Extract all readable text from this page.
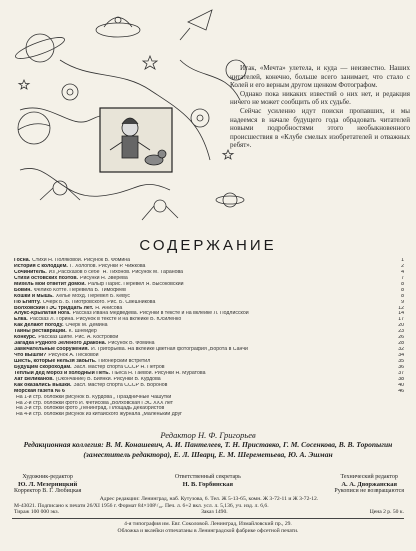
Итак, «Мечта» улетела, и куда — неизвестно. Наших читателей, конечно, больше всего занимает, что стало с Колей и его верным другом щенком Фотографом.

Однако пока никаких известий о них нет, и редакция ничего не может сообщить об их судьбе.

Сейчас усиленно идут поиски пропавших, и мы надеемся в начале будущего года обрадовать читателей новыми подробностями этого необыкновенного происшествия в «Клубе смелых изобретателей и отважных ребят».

СОДЕРЖАНИЕ
Госна. Стихи Н. Поляковой. Рисунок В. Фомина	1
История с колодцем. Г. Холопов. Рисунки Р. Чижкова	2
Сочинитель. Из „Рассказов о себе“ Н. Тихонов. Рисунок М. Таранова	4
Стихи остовских поэтов. Рисунки Н. Зверева	7
Михель мой ответит домой. Ральф Парис. Перевел Я. Высоковский	8
Бовин. Фелико Котте. Перевела Б. Тимофеев	8
Кошки и мышь. Хелье Мохд. Перевел Б. Кевус	8
По Египту. Очерк Б. Б. Пиотровского. Рис. Б. Свешникова	9
Волховский ГЭС тридцать лет. Н. Анисова	12
Алукс-Крылатая нога. Рассказ Ивана Медведева. Рисунки в тексте и на вклейке Л. Подлисской	14
Елка. Рассказ Л. Горина. Рисунок в тексте и на вклейке В. Юсиленко	17
Как делают погоду. Очерк М. Демина	20
Тайны реставрации. К. Шнейдер	23
Конкурс. Рассказ Шипе. Рис. А. Костровой	26
Загадка Рудного Зеленого Дракона. Рисунок В. Фомина	28
Замечательные сооружения. И. Григорьева. На вклейке цветная фотография „Ворота в Санчи“	32
Что вышли? Рисунок А. Песковой	34
Шесть, которые нельзя забыть. Пионерский встретил	35
Будущим скороходам. Засл. мастер спорта СССР Н. Петров	36
Теплый дед Мороз и холодный Петь. Пьеса Н. Гаевой. Рисунки Н. Муратова	37
Хат Великанов. (Окончание) В. Биянки. Рисунки В. Курдова	38
Как оказались вышки. Засл. мастер спорта СССР В. Воронов	40
Морская газета № 6	46
На 1-й стр. обложки рисунок В. Курдова „ Праздничные Чашутки“
На 2-й стр. обложки фото И. Фетисова „Волховская ГЭС XXX лет“
На 3-й стр. обложки фото „Ленинград. Площадь Декабристов“
На 4-й стр. обложки рисунок из китайского журнала „Маленький друг“
Редактор Н. Ф. Григорьев
Редакционная коллегия: В. М. Конашевич, А. И. Пантелеев, Т. Н. Приставко, Г. М. Сосенкова, В. В. Торопыгин (заместитель редактора), Е. Л. Шварц, Е. М. Шереметьева, Ю. А. Эшман
Художник-редактор
Ю. Л. Мезерницкий
Корректор В. Г. Любицкая
Ответственный секретарь
Н. В. Горбинская
Технический редактор
А. А. Дворжанская
Рукописи не возвращаются
Адрес редакции: Ленинград, наб. Кутузова, 6. Тел. Ж 5-13-65, комн. Ж 3-72-11 и Ж 3-72-12.
М-43021. Подписано к печати 26/XI 1956 г. Формат 84×108¹/₁₆. Печ. л. 6+2 вкл. усл. л. 5,136, уч. изд. л. 6,6.
Тираж 100 000 экз.	Заказ 1490.	Цена 2 р. 50 к.
4-я типография им. Евг. Соколовой. Ленинград, Измайловский пр., 29.
Обложка и вклейки отпечатаны в Ленинградской фабрике офсетной печати.
